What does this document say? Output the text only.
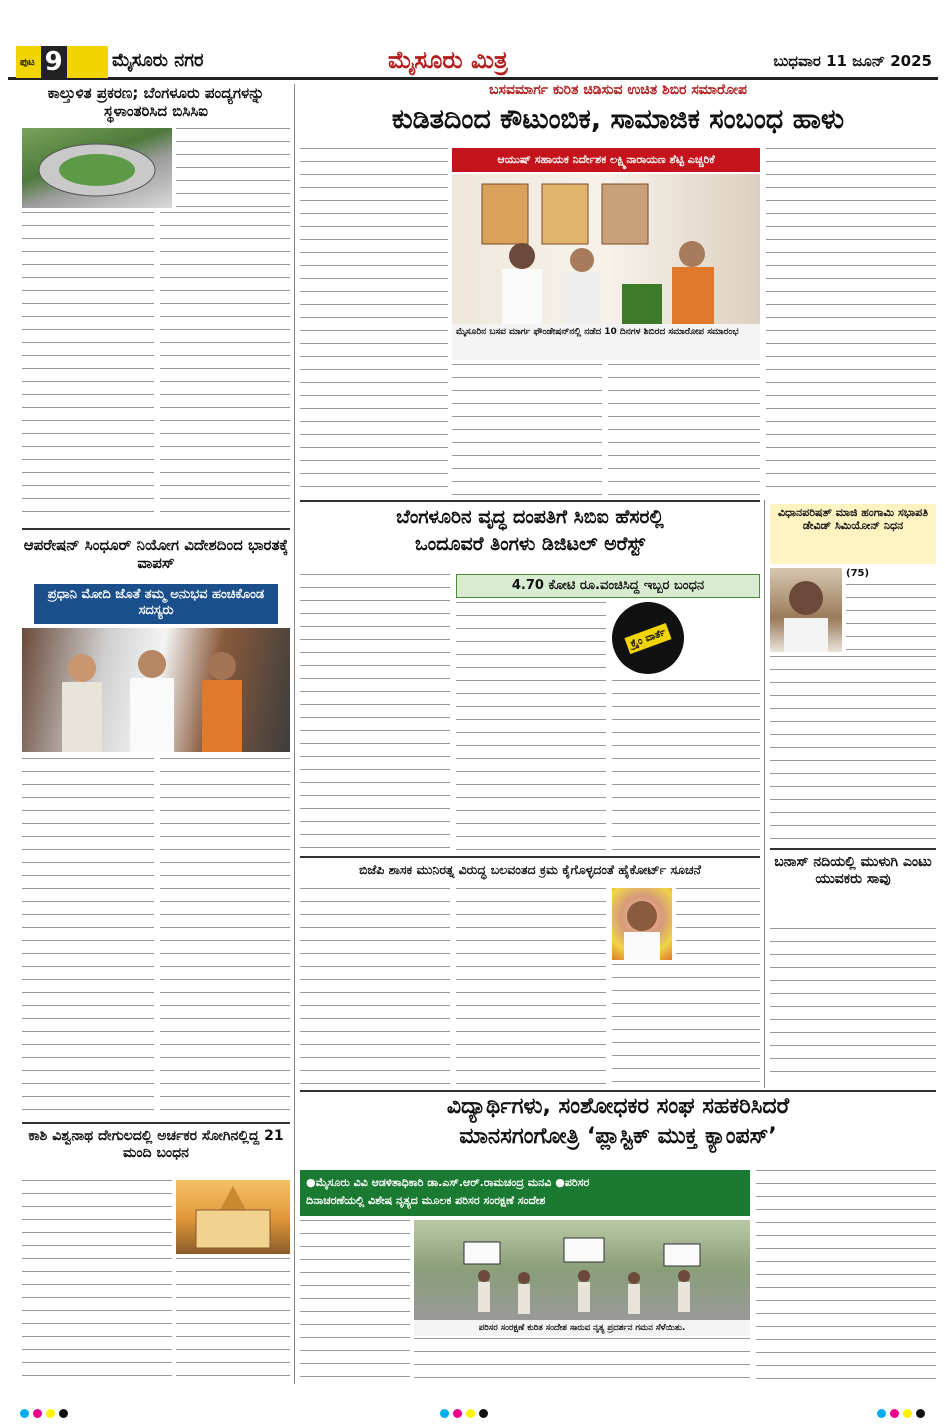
ಪುಟ 9	ಮೈಸೂರು ನಗರ	ಮೈಸೂರು ಮಿತ್ರ	ಬುಧವಾರ 11 ಜೂನ್ 2025
ಕಾಲ್ತುಳಿತ ಪ್ರಕರಣ; ಬೆಂಗಳೂರು ಪಂದ್ಯಗಳನ್ನು ಸ್ಥಳಾಂತರಿಸಿದ ಬಿಸಿಸಿಐ
ಆಪರೇಷನ್ ಸಿಂಧೂರ್ ನಿಯೋಗ ವಿದೇಶದಿಂದ ಭಾರತಕ್ಕೆ ವಾಪಸ್
ಪ್ರಧಾನಿ ಮೋದಿ ಜೊತೆ ತಮ್ಮ ಅನುಭವ ಹಂಚಿಕೊಂಡ ಸದಸ್ಯರು
ಕಾಶಿ ವಿಶ್ವನಾಥ ದೇಗುಲದಲ್ಲಿ ಅರ್ಚಕರ ಸೋಗಿನಲ್ಲಿದ್ದ 21 ಮಂದಿ ಬಂಧನ
ಬಸವಮಾರ್ಗ ಕುರಿತ ಚಿಡಿಸುವ ಉಚಿತ ಶಿಬಿರ ಸಮಾರೋಪ
ಕುಡಿತದಿಂದ ಕೌಟುಂಬಿಕ, ಸಾಮಾಜಿಕ ಸಂಬಂಧ ಹಾಳು
ಆಯುಷ್ ಸಹಾಯಕ ನಿರ್ದೇಶಕ ಲಕ್ಷ್ಮಿನಾರಾಯಣ ಶೆಟ್ಟಿ ಎಚ್ಚರಿಕೆ
ಮೈಸೂರಿನ ಬಸವ ಮಾರ್ಗ ಫೌಂಡೇಷನ್‌ನಲ್ಲಿ ನಡೆದ 10 ದಿನಗಳ ಶಿಬಿರದ ಸಮಾರೋಪ ಸಮಾರಂಭ
ಬೆಂಗಳೂರಿನ ವೃದ್ಧ ದಂಪತಿಗೆ ಸಿಬಿಐ ಹೆಸರಲ್ಲಿ
ಒಂದೂವರೆ ತಿಂಗಳು ಡಿಜಿಟಲ್ ಅರೆಸ್ಟ್
4.70 ಕೋಟಿ ರೂ.ವಂಚಿಸಿದ್ದ ಇಬ್ಬರ ಬಂಧನ
ಕ್ರೈಂ ವಾರ್ತೆ
ಬಿಜೆಪಿ ಶಾಸಕ ಮುನಿರತ್ನ ವಿರುದ್ಧ ಬಲವಂತದ ಕ್ರಮ ಕೈಗೊಳ್ಳದಂತೆ ಹೈಕೋರ್ಟ್ ಸೂಚನೆ
ವಿಧಾನಪರಿಷತ್ ಮಾಜಿ ಹಂಗಾಮಿ ಸಭಾಪತಿ ಡೇವಿಡ್ ಸಿಮಿಯೋನ್ ನಿಧನ
(75)
ಬನಾಸ್ ನದಿಯಲ್ಲಿ ಮುಳುಗಿ ಎಂಟು ಯುವಕರು ಸಾವು
ವಿದ್ಯಾರ್ಥಿಗಳು, ಸಂಶೋಧಕರ ಸಂಘ ಸಹಕರಿಸಿದರೆ
ಮಾನಸಗಂಗೋತ್ರಿ ‘ಪ್ಲಾಸ್ಟಿಕ್ ಮುಕ್ತ ಕ್ಯಾಂಪಸ್’
●ಮೈಸೂರು ವಿವಿ ಆಡಳಿತಾಧಿಕಾರಿ ಡಾ.ಎಸ್.ಆರ್.ರಾಮಚಂದ್ರ ಮನವಿ ●ಪರಿಸರ
ದಿನಾಚರಣೆಯಲ್ಲಿ ವಿಶೇಷ ನೃತ್ಯದ ಮೂಲಕ ಪರಿಸರ ಸಂರಕ್ಷಣೆ ಸಂದೇಶ
ಪರಿಸರ ಸಂರಕ್ಷಣೆ ಕುರಿತ ಸಂದೇಶ ಸಾರುವ ನೃತ್ಯ ಪ್ರದರ್ಶನ ಗಮನ ಸೆಳೆಯಿತು.
